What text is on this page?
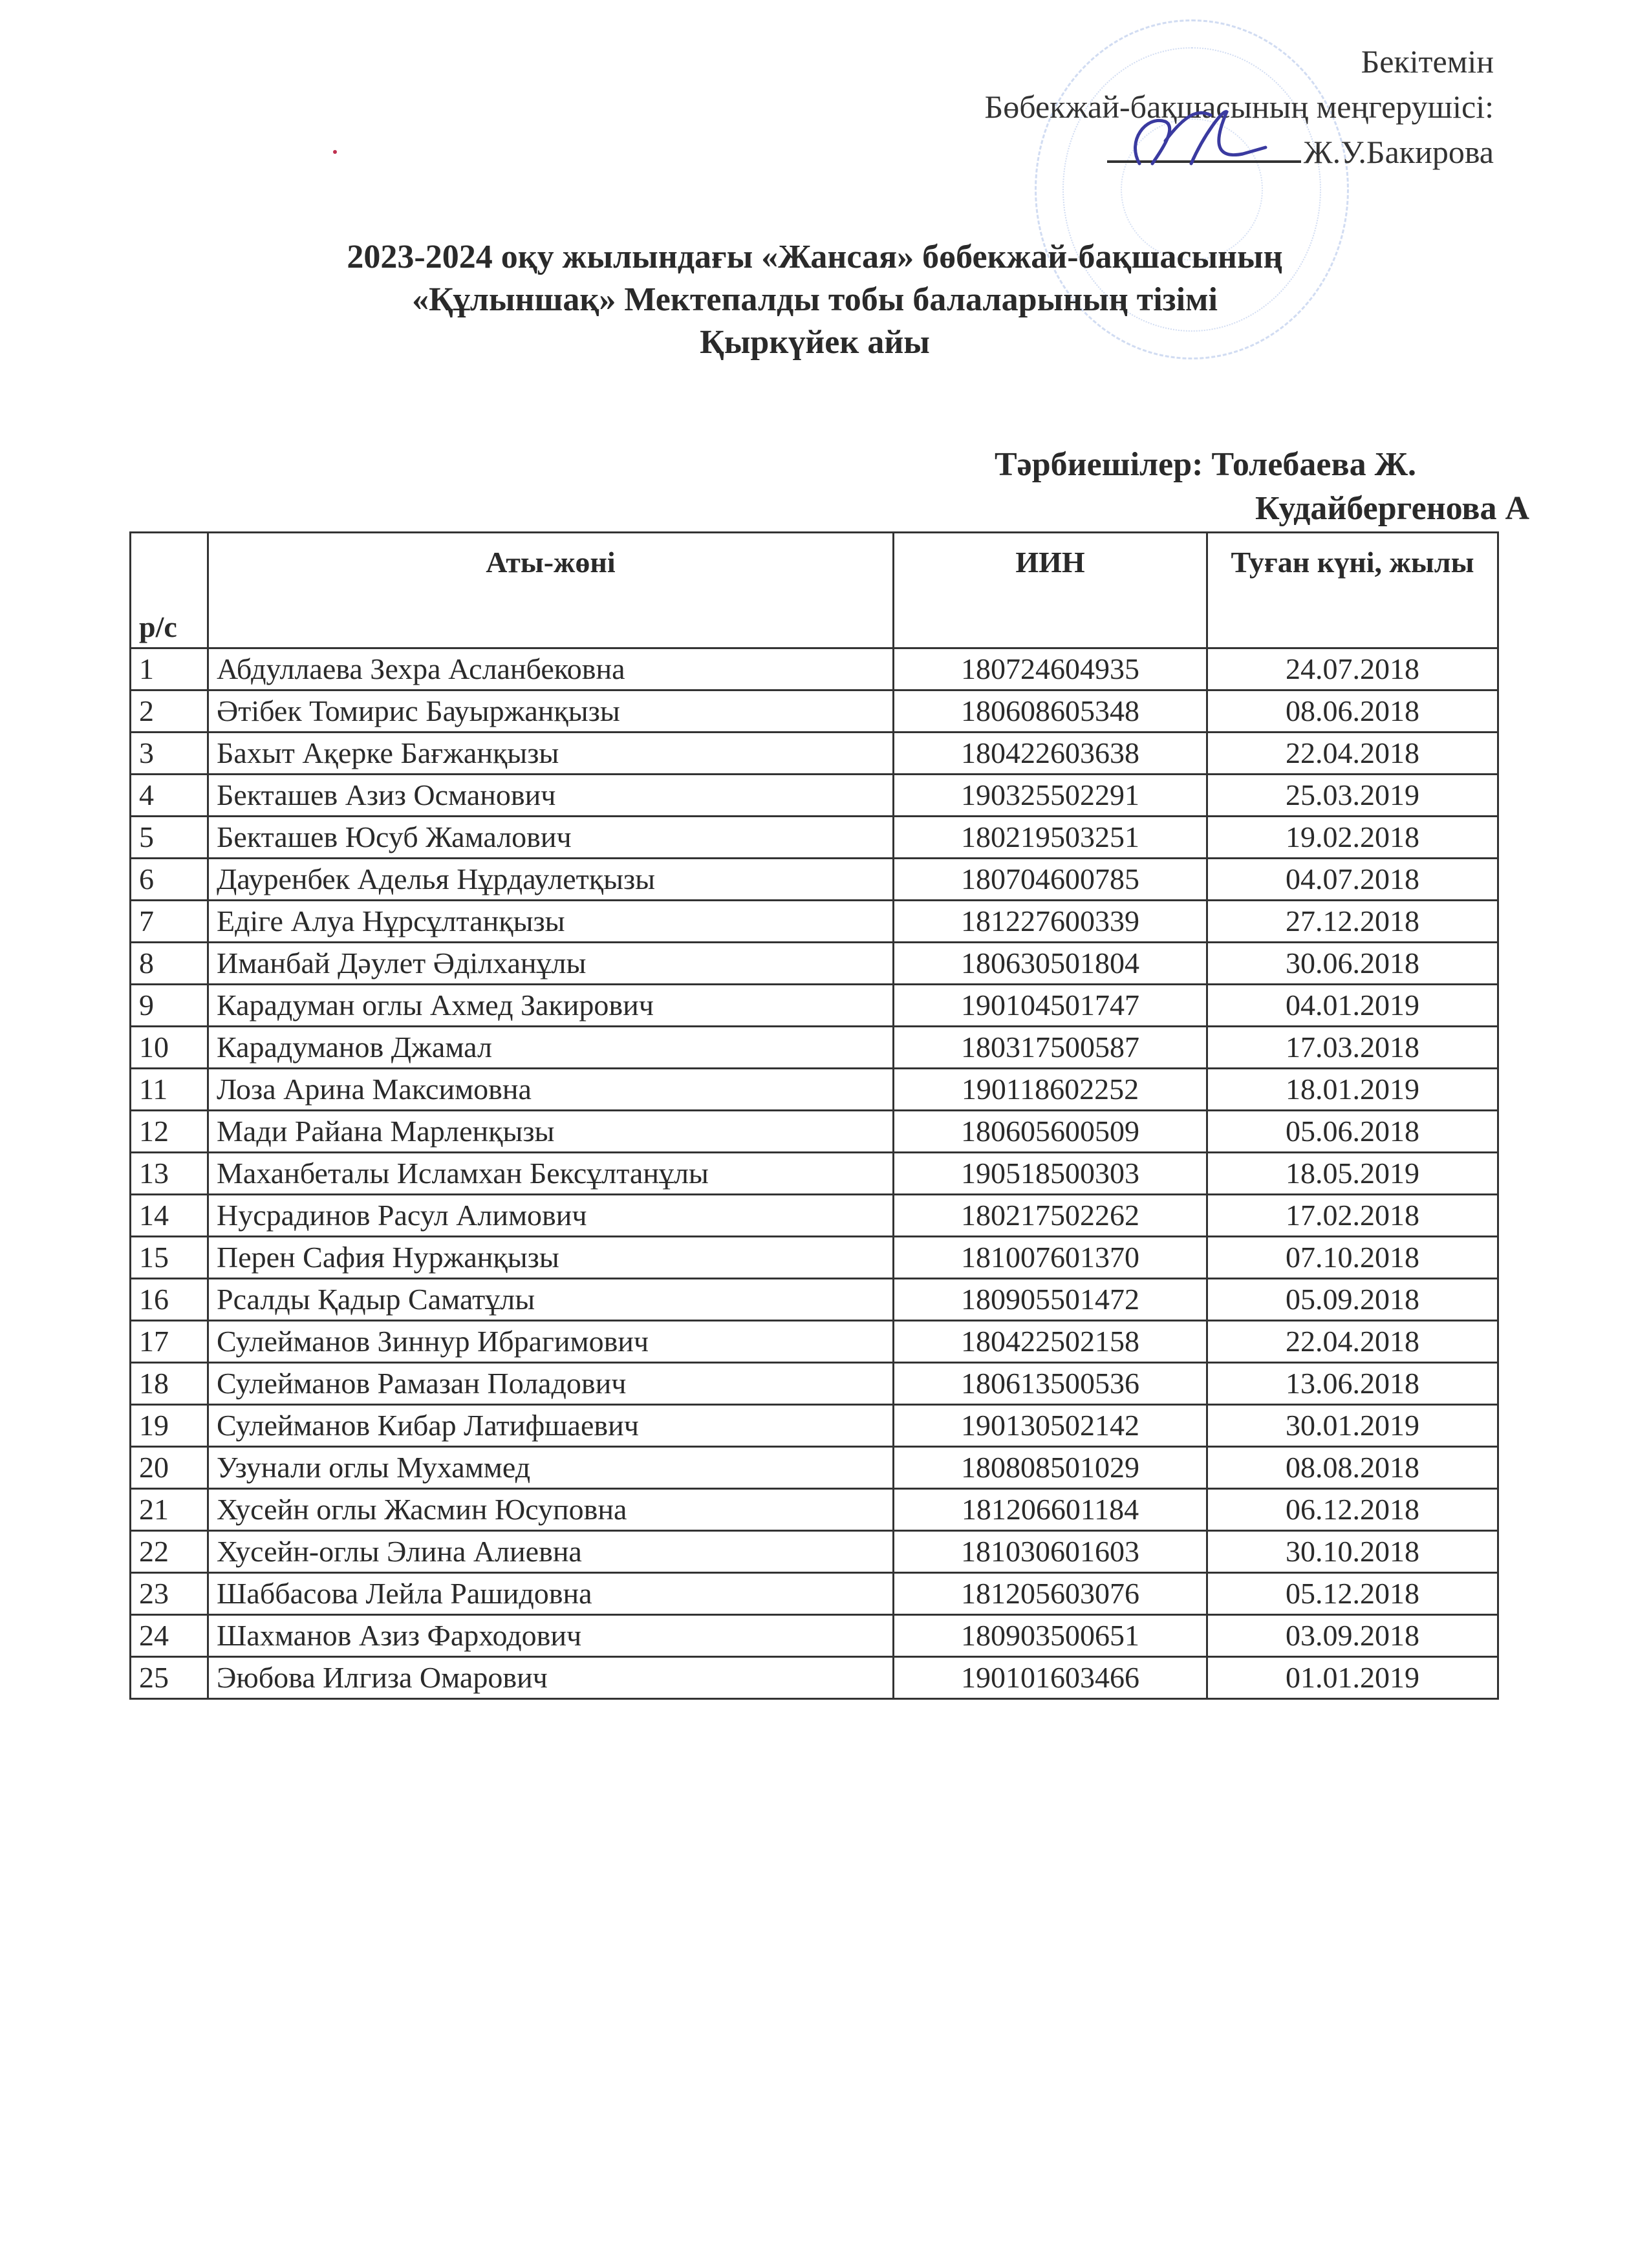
Бекітемін
Бөбекжай-бақшасының меңгерушісі:
Ж.У.Бакирова
2023-2024 оқу жылындағы «Жансая» бөбекжай-бақшасының
«Құлыншақ» Мектепалды тобы балаларының тізімі
Қыркүйек айы
Тәрбиешілер: Толебаева Ж.
Кудайбергенова А
р/с	Аты-жөні	ИИН	Туған күні, жылы
1	Абдуллаева Зехра Асланбековна	180724604935	24.07.2018
2	Әтібек Томирис Бауыржанқызы	180608605348	08.06.2018
3	Бахыт Ақерке Бағжанқызы	180422603638	22.04.2018
4	Бекташев Азиз Османович	190325502291	25.03.2019
5	Бекташев Юсуб Жамалович	180219503251	19.02.2018
6	Дауренбек Аделья Нұрдаулетқызы	180704600785	04.07.2018
7	Едіге Алуа Нұрсұлтанқызы	181227600339	27.12.2018
8	Иманбай Дәулет Әділханұлы	180630501804	30.06.2018
9	Карадуман оглы Ахмед Закирович	190104501747	04.01.2019
10	Карадуманов Джамал	180317500587	17.03.2018
11	Лоза Арина Максимовна	190118602252	18.01.2019
12	Мади Райана Марленқызы	180605600509	05.06.2018
13	Маханбеталы Исламхан Бексұлтанұлы	190518500303	18.05.2019
14	Нусрадинов Расул Алимович	180217502262	17.02.2018
15	Перен Сафия Нуржанқызы	181007601370	07.10.2018
16	Рсалды Қадыр Саматұлы	180905501472	05.09.2018
17	Сулейманов Зиннур Ибрагимович	180422502158	22.04.2018
18	Сулейманов Рамазан Поладович	180613500536	13.06.2018
19	Сулейманов Кибар Латифшаевич	190130502142	30.01.2019
20	Узунали оглы Мухаммед	180808501029	08.08.2018
21	Хусейн оглы Жасмин Юсуповна	181206601184	06.12.2018
22	Хусейн-оглы Элина Алиевна	181030601603	30.10.2018
23	Шаббасова Лейла Рашидовна	181205603076	05.12.2018
24	Шахманов Азиз Фарходович	180903500651	03.09.2018
25	Эюбова Илгиза Омарович	190101603466	01.01.2019
